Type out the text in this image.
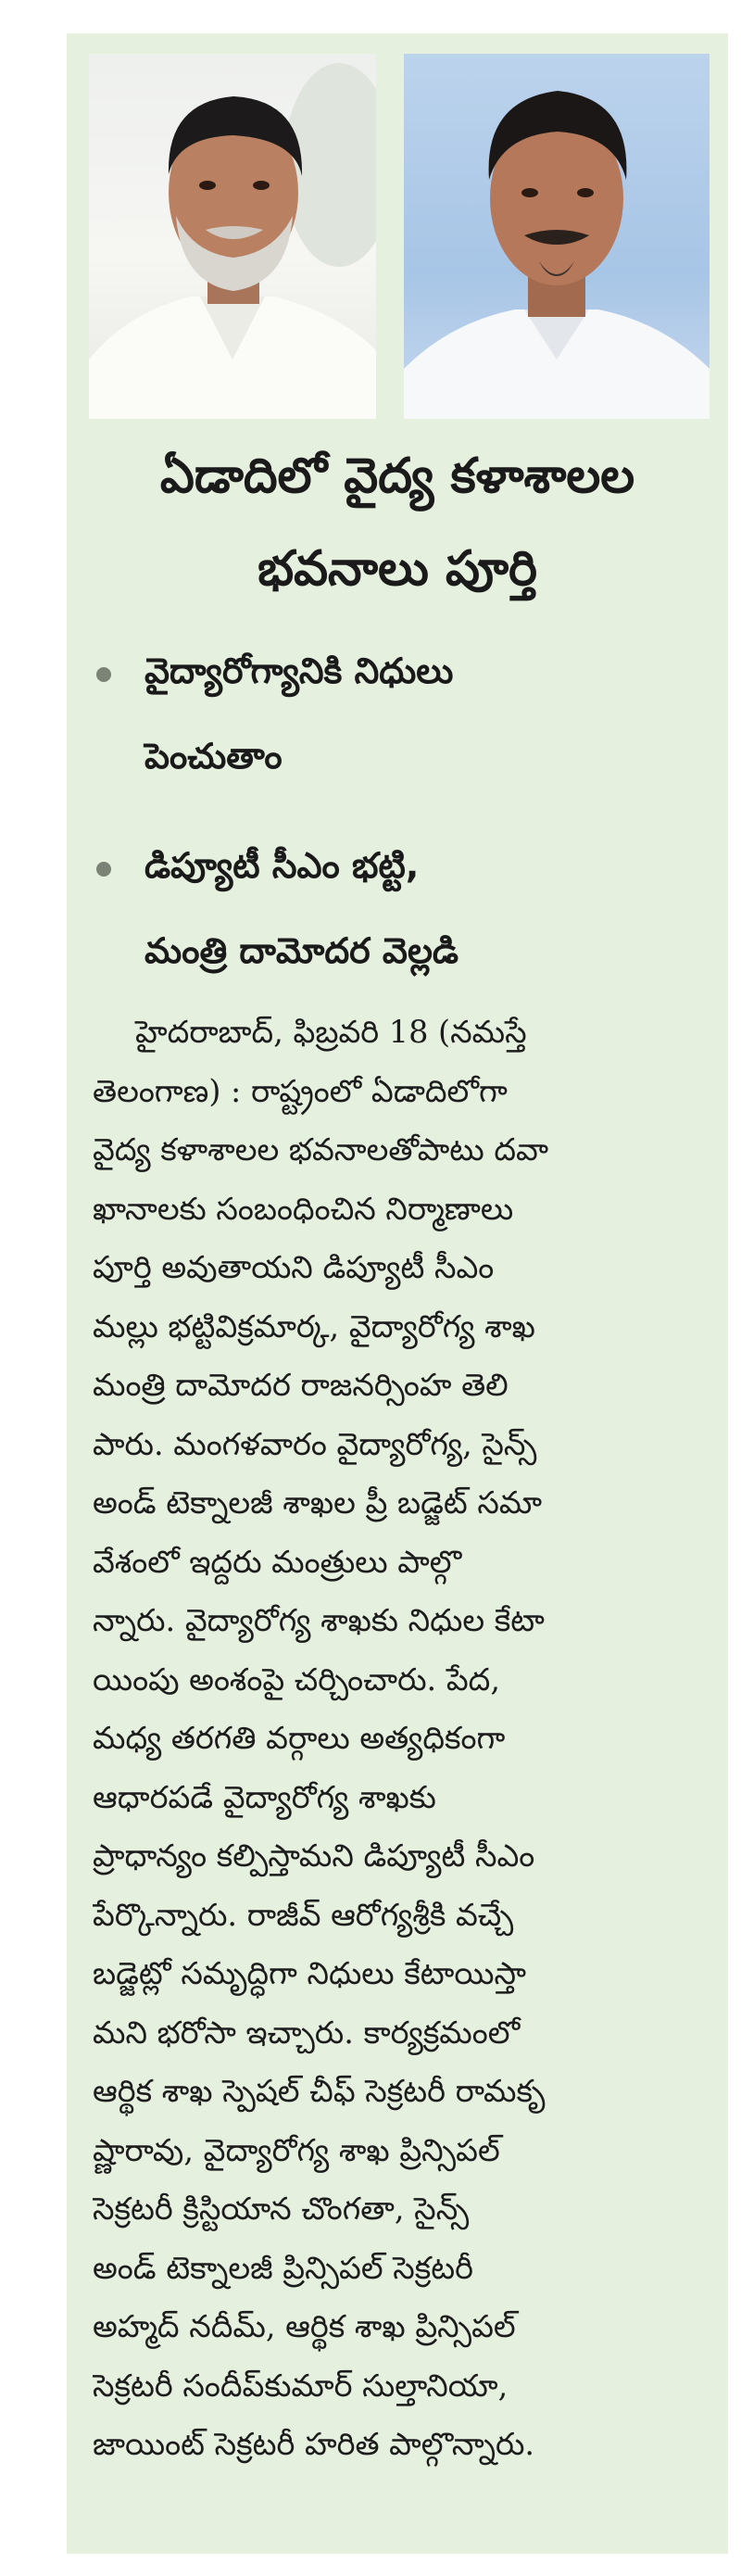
ఏడాదిలో వైద్య కళాశాలల
భవనాలు పూర్తి
వైద్యారోగ్యానికి నిధులు
పెంచుతాం
డిప్యూటీ సీఎం భట్టి,
మంత్రి దామోదర వెల్లడి
హైదరాబాద్, ఫిబ్రవరి 18 (నమస్తే
తెలంగాణ) : రాష్ట్రంలో ఏడాదిలోగా
వైద్య కళాశాలల భవనాలతోపాటు దవా
ఖానాలకు సంబంధించిన నిర్మాణాలు
పూర్తి అవుతాయని డిప్యూటీ సీఎం
మల్లు భట్టివిక్రమార్క, వైద్యారోగ్య శాఖ
మంత్రి దామోదర రాజనర్సింహ తెలి
పారు. మంగళవారం వైద్యారోగ్య, సైన్స్
అండ్ టెక్నాలజీ శాఖల ప్రీ బడ్జెట్ సమా
వేశంలో ఇద్దరు మంత్రులు పాల్గొ
న్నారు. వైద్యారోగ్య శాఖకు నిధుల కేటా
యింపు అంశంపై చర్చించారు. పేద,
మధ్య తరగతి వర్గాలు అత్యధికంగా
ఆధారపడే వైద్యారోగ్య శాఖకు
ప్రాధాన్యం కల్పిస్తామని డిప్యూటీ సీఎం
పేర్కొన్నారు. రాజీవ్ ఆరోగ్యశ్రీకి వచ్చే
బడ్జెట్లో సమృద్ధిగా నిధులు కేటాయిస్తా
మని భరోసా ఇచ్చారు. కార్యక్రమంలో
ఆర్థిక శాఖ స్పెషల్ చీఫ్ సెక్రటరీ రామకృ
ష్ణారావు, వైద్యారోగ్య శాఖ ప్రిన్సిపల్
సెక్రటరీ క్రిస్టియాన చొంగతా, సైన్స్
అండ్ టెక్నాలజీ ప్రిన్సిపల్ సెక్రటరీ
అహ్మద్ నదీమ్, ఆర్థిక శాఖ ప్రిన్సిపల్
సెక్రటరీ సందీప్‌కుమార్ సుల్తానియా,
జాయింట్ సెక్రటరీ హరిత పాల్గొన్నారు.
